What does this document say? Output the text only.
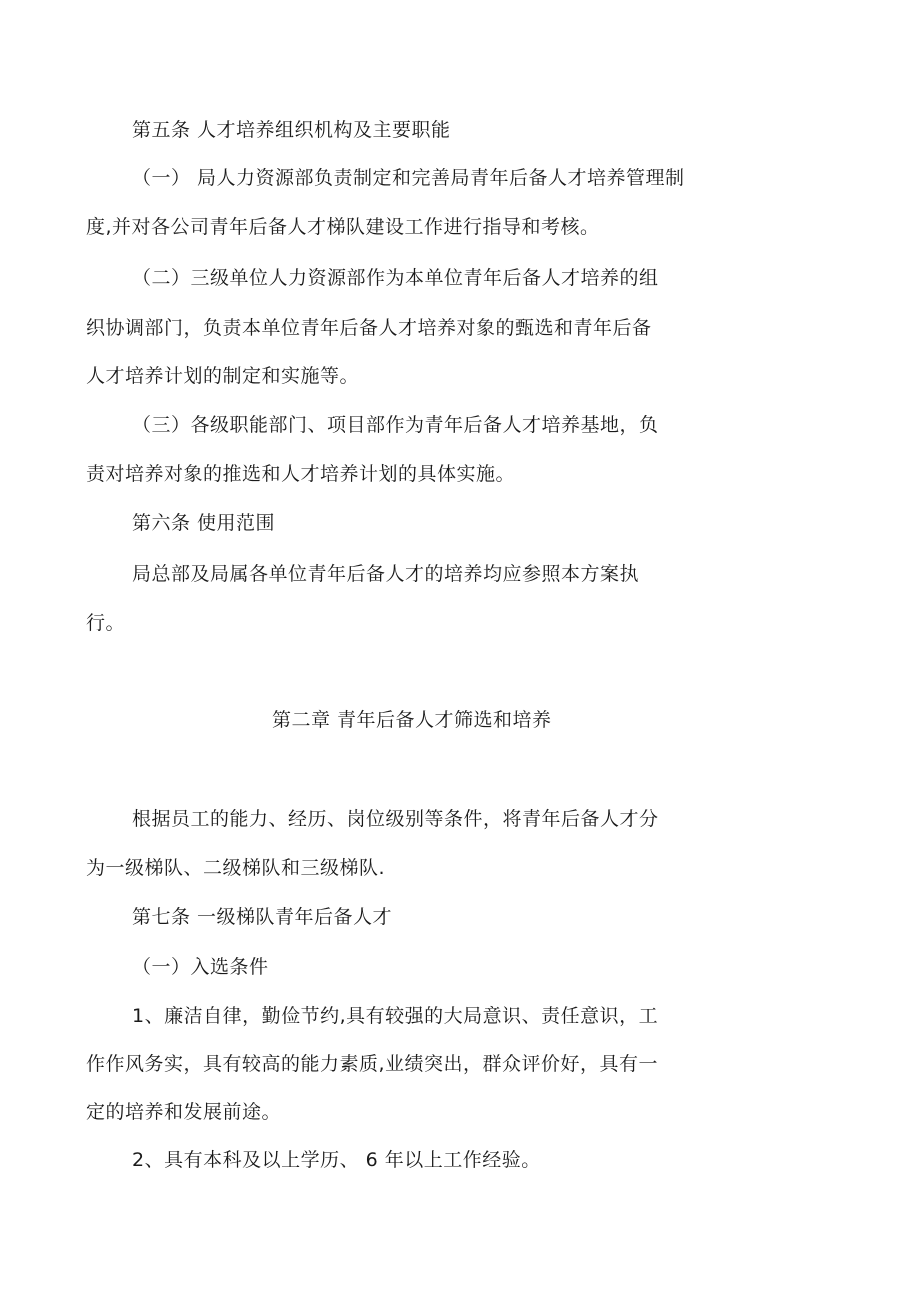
第五条 人才培养组织机构及主要职能
（一） 局人力资源部负责制定和完善局青年后备人才培养管理制
度,并对各公司青年后备人才梯队建设工作进行指导和考核。
（二）三级单位人力资源部作为本单位青年后备人才培养的组
织协调部门，负责本单位青年后备人才培养对象的甄选和青年后备
人才培养计划的制定和实施等。
（三）各级职能部门、项目部作为青年后备人才培养基地，负
责对培养对象的推选和人才培养计划的具体实施。
第六条 使用范围
局总部及局属各单位青年后备人才的培养均应参照本方案执
行。
第二章 青年后备人才筛选和培养
根据员工的能力、经历、岗位级别等条件，将青年后备人才分
为一级梯队、二级梯队和三级梯队.
第七条 一级梯队青年后备人才
（一）入选条件
1、廉洁自律，勤俭节约,具有较强的大局意识、责任意识，工
作作风务实，具有较高的能力素质,业绩突出，群众评价好，具有一
定的培养和发展前途。
2、具有本科及以上学历、 6 年以上工作经验。
